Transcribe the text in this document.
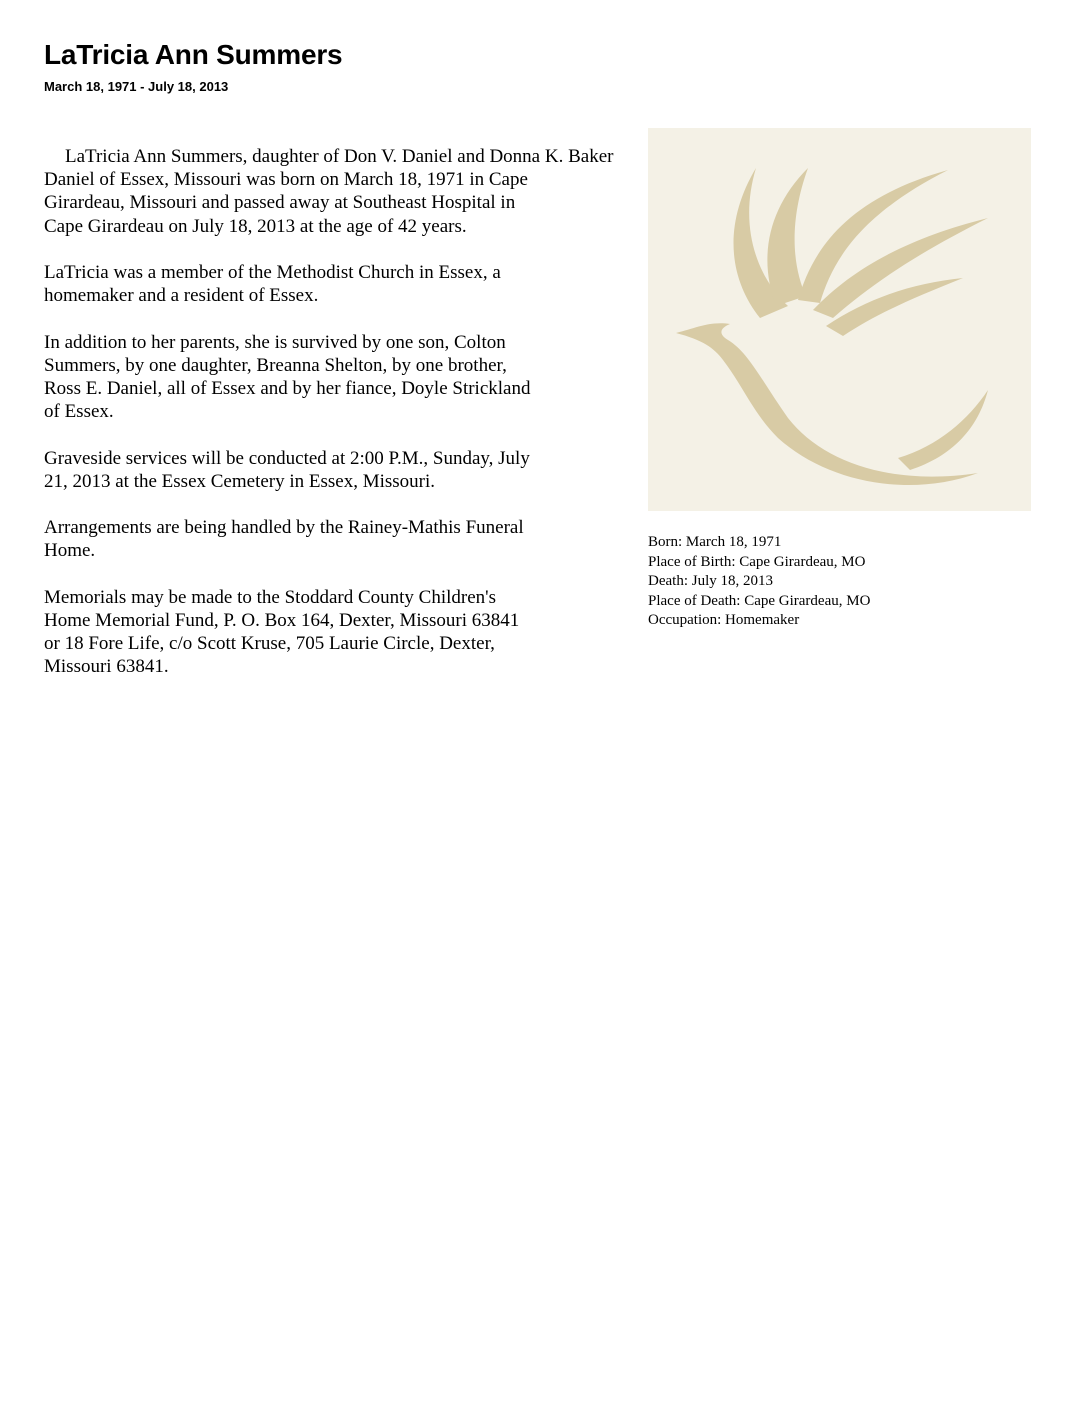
LaTricia Ann Summers
March 18, 1971 - July 18, 2013

LaTricia Ann Summers, daughter of Don V. Daniel and Donna K. Baker
Daniel of Essex, Missouri was born on March 18, 1971 in Cape
Girardeau, Missouri and passed away at Southeast Hospital in
Cape Girardeau on July 18, 2013 at the age of 42 years.

LaTricia was a member of the Methodist Church in Essex, a
homemaker and a resident of Essex.

In addition to her parents, she is survived by one son, Colton
Summers, by one daughter, Breanna Shelton, by one brother,
Ross E. Daniel, all of Essex and by her fiance, Doyle Strickland
of Essex.

Graveside services will be conducted at 2:00 P.M., Sunday, July
21, 2013 at the Essex Cemetery in Essex, Missouri.

Arrangements are being handled by the Rainey-Mathis Funeral
Home.

Memorials may be made to the Stoddard County Children's
Home Memorial Fund, P. O. Box 164, Dexter, Missouri 63841
or 18 Fore Life, c/o Scott Kruse, 705 Laurie Circle, Dexter,
Missouri 63841.

Born: March 18, 1971
Place of Birth: Cape Girardeau, MO
Death: July 18, 2013
Place of Death: Cape Girardeau, MO
Occupation: Homemaker
